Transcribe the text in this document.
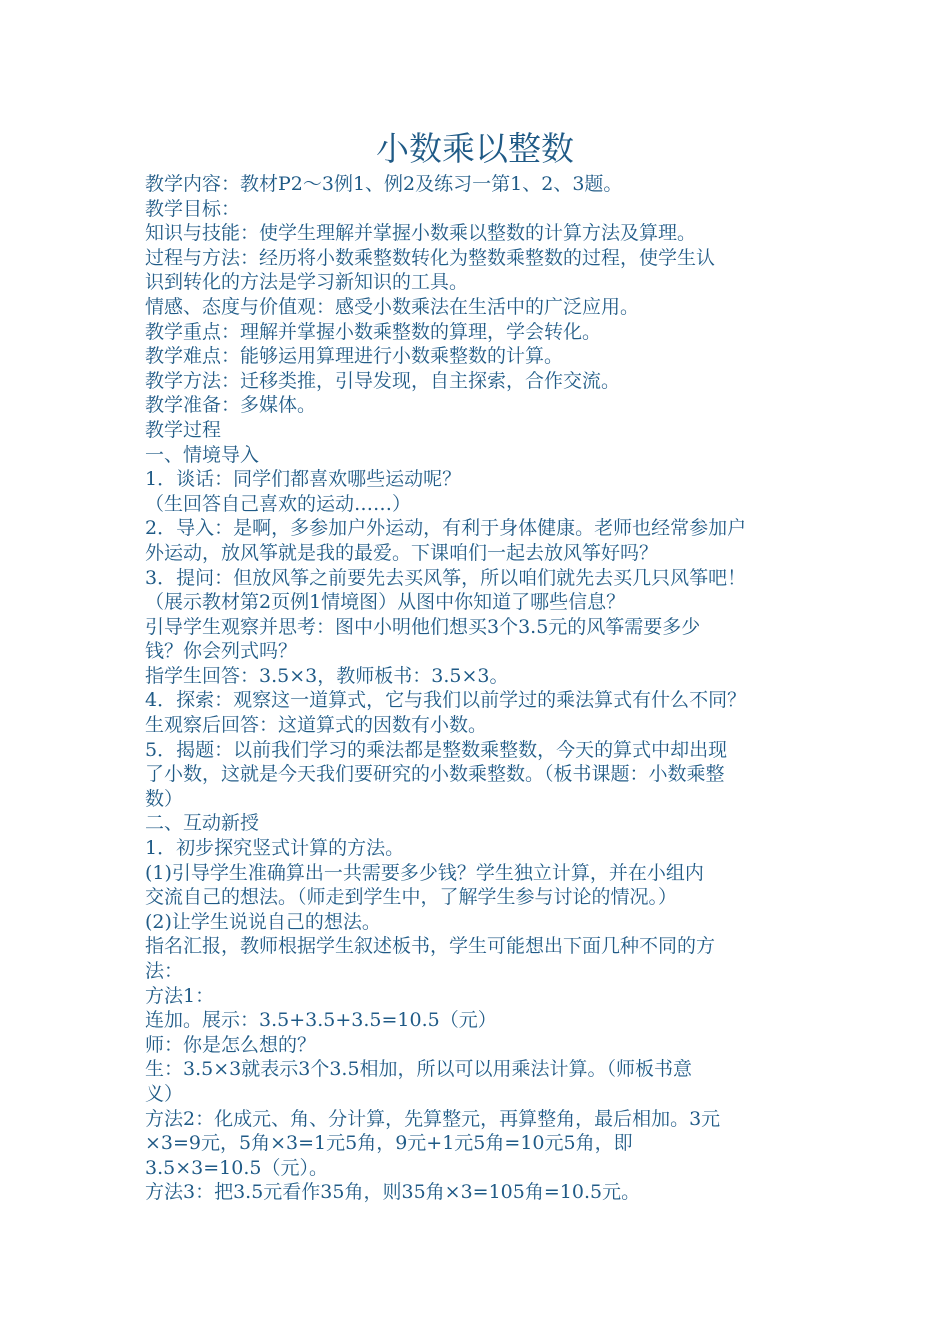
小数乘以整数
教学内容：教材P2～3例1、例2及练习一第1、2、3题。
教学目标：
知识与技能：使学生理解并掌握小数乘以整数的计算方法及算理。
过程与方法：经历将小数乘整数转化为整数乘整数的过程，使学生认
识到转化的方法是学习新知识的工具。
情感、态度与价值观：感受小数乘法在生活中的广泛应用。
教学重点：理解并掌握小数乘整数的算理，学会转化。
教学难点：能够运用算理进行小数乘整数的计算。
教学方法：迁移类推，引导发现，自主探索，合作交流。
教学准备：多媒体。
教学过程
一、情境导入
1．谈话：同学们都喜欢哪些运动呢？
（生回答自己喜欢的运动……）
2．导入：是啊，多参加户外运动，有利于身体健康。老师也经常参加户
外运动，放风筝就是我的最爱。下课咱们一起去放风筝好吗？
3．提问：但放风筝之前要先去买风筝，所以咱们就先去买几只风筝吧！
（展示教材第2页例1情境图）从图中你知道了哪些信息？
引导学生观察并思考：图中小明他们想买3个3.5元的风筝需要多少
钱？你会列式吗？
指学生回答：3.5×3，教师板书：3.5×3。
4．探索：观察这一道算式，它与我们以前学过的乘法算式有什么不同？
生观察后回答：这道算式的因数有小数。
5．揭题：以前我们学习的乘法都是整数乘整数，今天的算式中却出现
了小数，这就是今天我们要研究的小数乘整数。（板书课题：小数乘整
数）
二、互动新授
1．初步探究竖式计算的方法。
(1)引导学生准确算出一共需要多少钱？学生独立计算，并在小组内
交流自己的想法。（师走到学生中，了解学生参与讨论的情况。）
(2)让学生说说自己的想法。
指名汇报，教师根据学生叙述板书，学生可能想出下面几种不同的方
法：
方法1：
连加。展示：3.5+3.5+3.5=10.5（元）
师：你是怎么想的？
生：3.5×3就表示3个3.5相加，所以可以用乘法计算。（师板书意
义）
方法2：化成元、角、分计算，先算整元，再算整角，最后相加。3元
×3=9元，5角×3=1元5角，9元+1元5角=10元5角，即
3.5×3=10.5（元）。
方法3：把3.5元看作35角，则35角×3=105角=10.5元。
